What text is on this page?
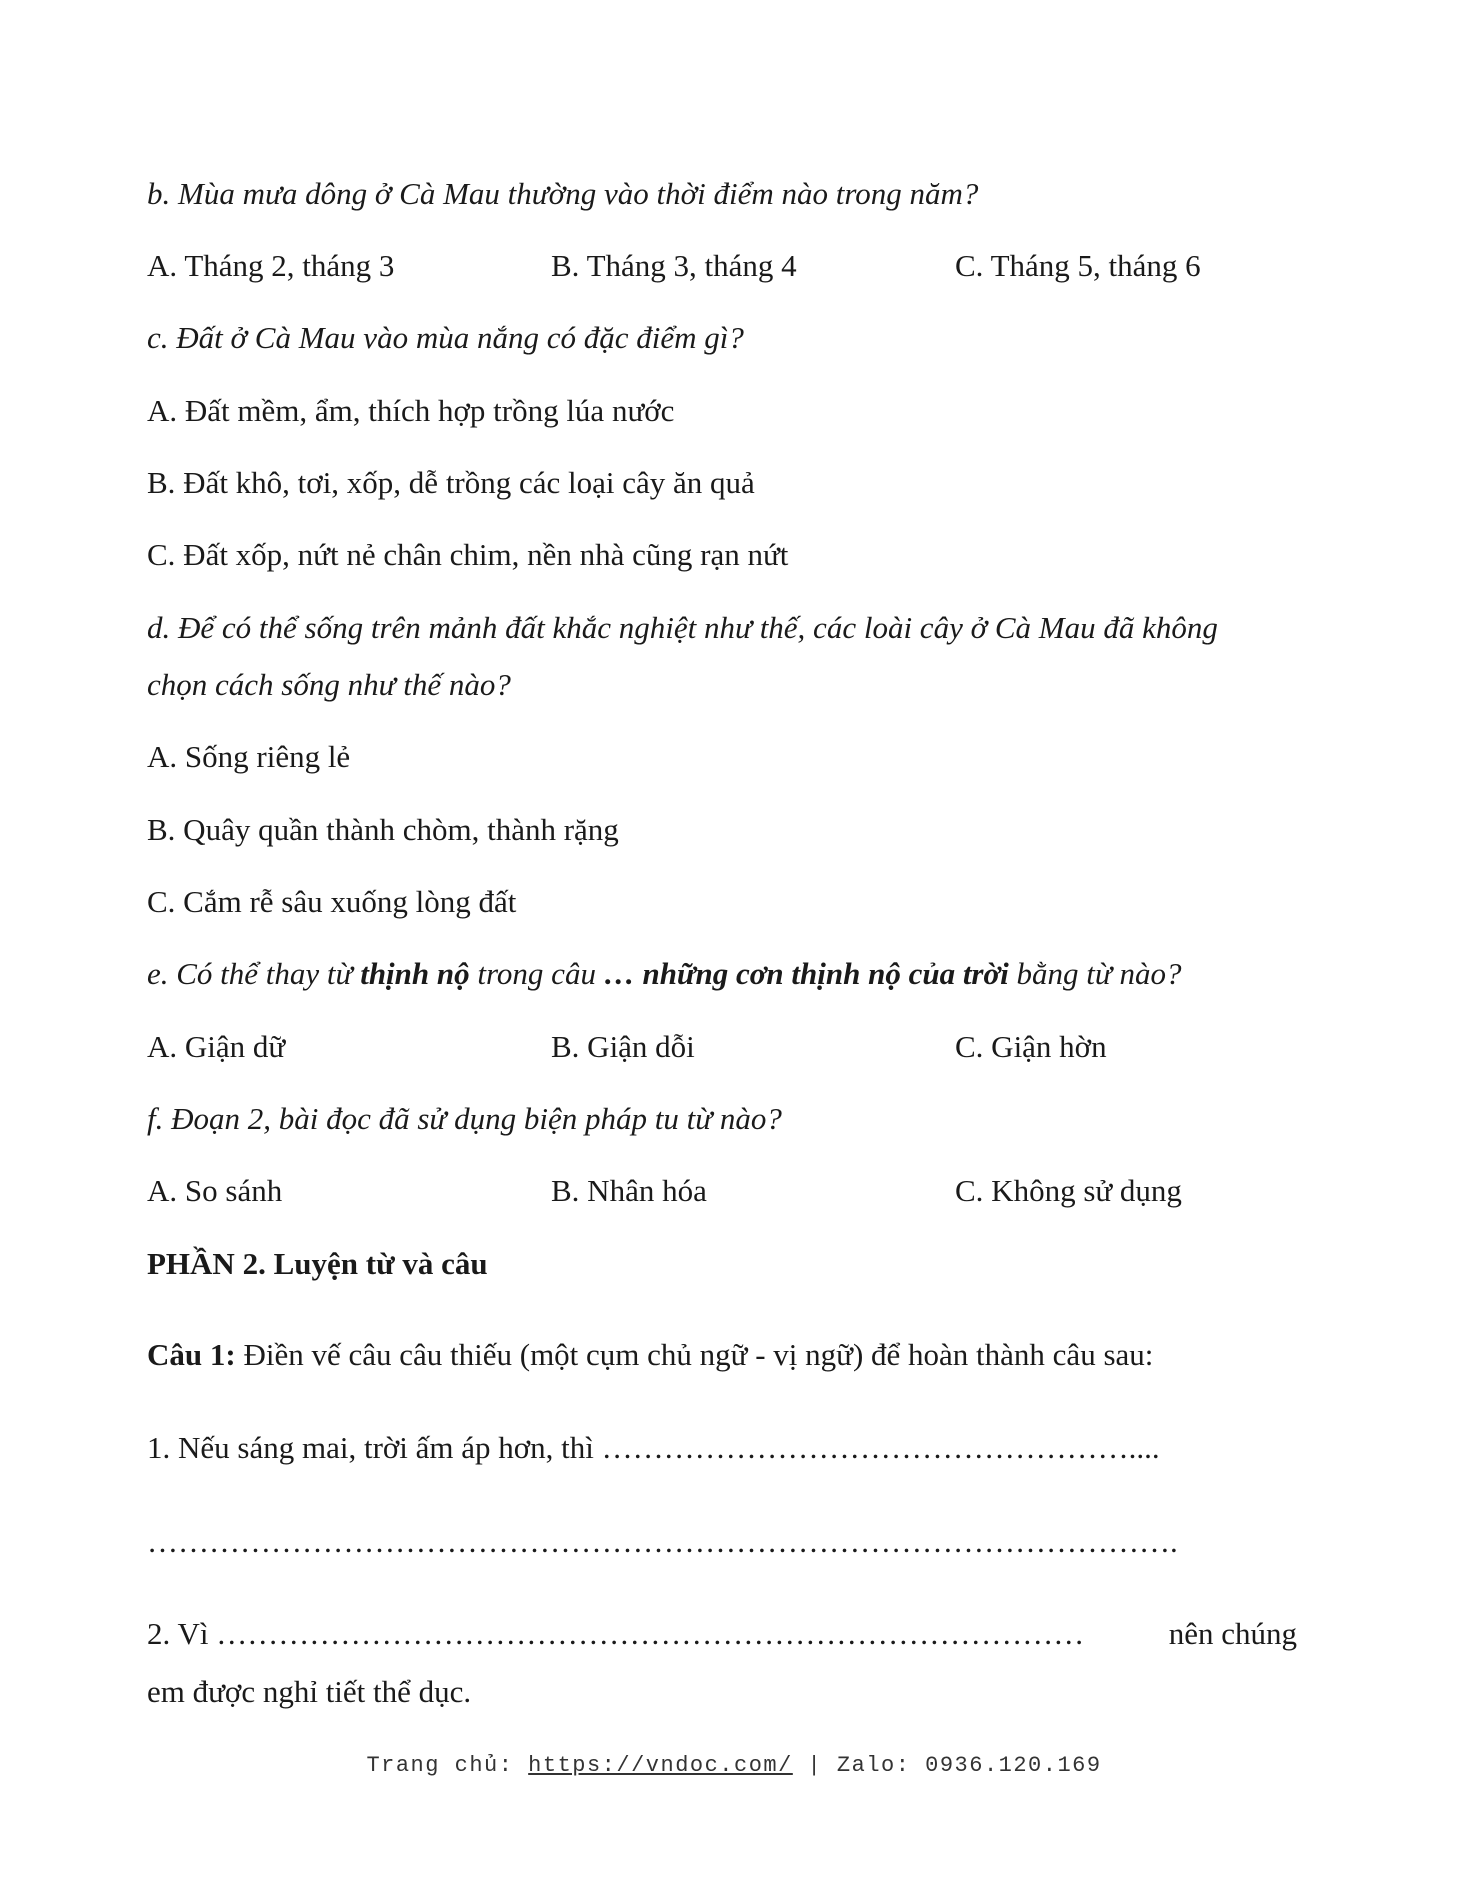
b. Mùa mưa dông ở Cà Mau thường vào thời điểm nào trong năm?
A. Tháng 2, tháng 3	B. Tháng 3, tháng 4	C. Tháng 5, tháng 6
c. Đất ở Cà Mau vào mùa nắng có đặc điểm gì?
A. Đất mềm, ẩm, thích hợp trồng lúa nước
B. Đất khô, tơi, xốp, dễ trồng các loại cây ăn quả
C. Đất xốp, nứt nẻ chân chim, nền nhà cũng rạn nứt
d. Để có thể sống trên mảnh đất khắc nghiệt như thế, các loài cây ở Cà Mau đã không
chọn cách sống như thế nào?
A. Sống riêng lẻ
B. Quây quần thành chòm, thành rặng
C. Cắm rễ sâu xuống lòng đất
e. Có thể thay từ thịnh nộ trong câu … những cơn thịnh nộ của trời bằng từ nào?
A. Giận dữ	B. Giận dỗi	C. Giận hờn
f. Đoạn 2, bài đọc đã sử dụng biện pháp tu từ nào?
A. So sánh	B. Nhân hóa	C. Không sử dụng
PHẦN 2. Luyện từ và câu
Câu 1: Điền vế câu câu thiếu (một cụm chủ ngữ - vị ngữ) để hoàn thành câu sau:
1. Nếu sáng mai, trời ấm áp hơn, thì ……………………………………………....
……………………………………………………………………………………….
2. Vì …………………………………………………………………………	nên chúng
em được nghỉ tiết thể dục.
Trang chủ: https://vndoc.com/ | Zalo: 0936.120.169
